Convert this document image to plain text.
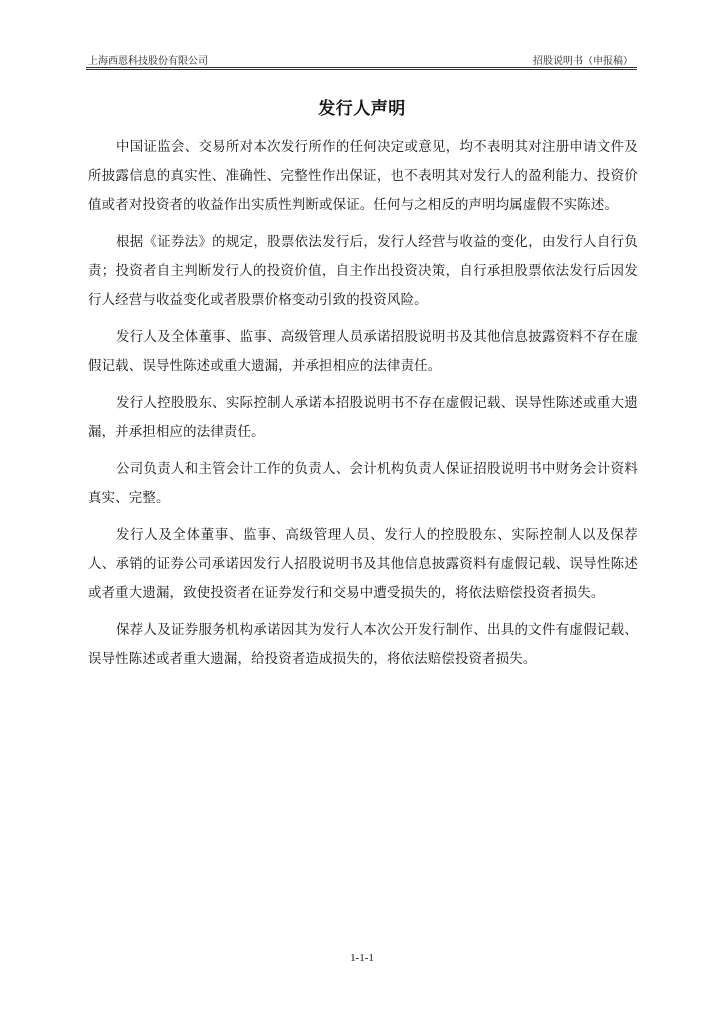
上海西恩科技股份有限公司	招股说明书（申报稿）
发行人声明

中国证监会、交易所对本次发行所作的任何决定或意见，均不表明其对注册申请文件及所披露信息的真实性、准确性、完整性作出保证，也不表明其对发行人的盈利能力、投资价值或者对投资者的收益作出实质性判断或保证。任何与之相反的声明均属虚假不实陈述。

根据《证券法》的规定，股票依法发行后，发行人经营与收益的变化，由发行人自行负责；投资者自主判断发行人的投资价值，自主作出投资决策，自行承担股票依法发行后因发行人经营与收益变化或者股票价格变动引致的投资风险。

发行人及全体董事、监事、高级管理人员承诺招股说明书及其他信息披露资料不存在虚假记载、误导性陈述或重大遗漏，并承担相应的法律责任。

发行人控股股东、实际控制人承诺本招股说明书不存在虚假记载、误导性陈述或重大遗漏，并承担相应的法律责任。

公司负责人和主管会计工作的负责人、会计机构负责人保证招股说明书中财务会计资料真实、完整。

发行人及全体董事、监事、高级管理人员、发行人的控股股东、实际控制人以及保荐人、承销的证券公司承诺因发行人招股说明书及其他信息披露资料有虚假记载、误导性陈述或者重大遗漏，致使投资者在证券发行和交易中遭受损失的，将依法赔偿投资者损失。

保荐人及证券服务机构承诺因其为发行人本次公开发行制作、出具的文件有虚假记载、误导性陈述或者重大遗漏，给投资者造成损失的，将依法赔偿投资者损失。

1-1-1
